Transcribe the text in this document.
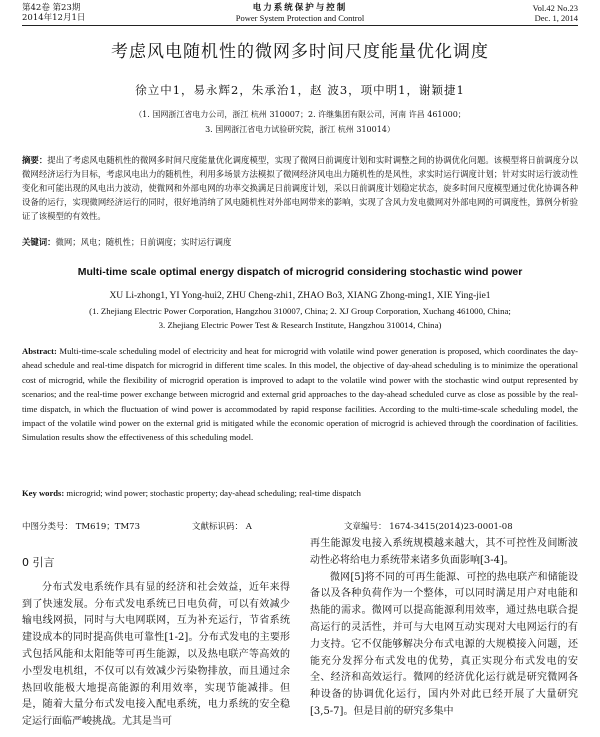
第42卷 第23期
2014年12月1日
电力系统保护与控制
Power System Protection and Control
Vol.42 No.23
Dec. 1, 2014
考虑风电随机性的微网多时间尺度能量优化调度
徐立中1，易永辉2，朱承治1，赵 波3，项中明1，谢颖捷1
（1. 国网浙江省电力公司，浙江 杭州 310007；2. 许继集团有限公司，河南 许昌 461000；
3. 国网浙江省电力试验研究院，浙江 杭州 310014）
摘要：提出了考虑风电随机性的微网多时间尺度能量优化调度模型，实现了微网日前调度计划和实时调整之间的协调优化问题。该模型将日前调度分以微网经济运行为目标，考虑风电出力的随机性，利用多场景方法模拟了微网经济风电出力随机性的是风性，求实时运行调度计划；针对实时运行波动性变化和可能出现的风电出力波动，使微网和外部电网的功率交换满足日前调度计划，采以日前调度计划稳定状态，旋多时间尺度模型通过优化协调各种设备的运行，实现微网经济运行的同时，很好地消纳了风电随机性对外部电网带来的影响，实现了含风力发电微网对外部电网的可调度性，算例分析验证了该模型的有效性。
关键词：微网；风电；随机性；日前调度；实时运行调度
Multi-time scale optimal energy dispatch of microgrid considering stochastic wind power
XU Li-zhong1, YI Yong-hui2, ZHU Cheng-zhi1, ZHAO Bo3, XIANG Zhong-ming1, XIE Ying-jie1
(1. Zhejiang Electric Power Corporation, Hangzhou 310007, China; 2. XJ Group Corporation, Xuchang 461000, China;
3. Zhejiang Electric Power Test & Research Institute, Hangzhou 310014, China)
Abstract: Multi-time-scale scheduling model of electricity and heat for microgrid with volatile wind power generation is proposed, which coordinates the day-ahead schedule and real-time dispatch for microgrid in different time scales. In this model, the objective of day-ahead scheduling is to minimize the operational cost of microgrid, while the flexibility of microgrid operation is improved to adapt to the volatile wind power with the stochastic wind output represented by scenarios; and the real-time power exchange between microgrid and external grid approaches to the day-ahead scheduled curve as close as possible by the real-time dispatch, in which the fluctuation of wind power is accommodated by rapid response facilities. According to the multi-time-scale scheduling model, the impact of the volatile wind power on the external grid is mitigated while the economic operation of microgrid is achieved through the coordination of facilities. Simulation results show the effectiveness of this scheduling model.
Key words: microgrid; wind power; stochastic property; day-ahead scheduling; real-time dispatch
中图分类号： TM619；TM73	文献标识码： A	文章编号： 1674-3415(2014)23-0001-08
0 引言

分布式发电系统作具有显的经济和社会效益，近年来得到了快速发展。分布式发电系统已日电负荷，可以有效减少输电线网损，同时与大电网联网，互为补充运行，节省系统建设成本的同时提高供电可靠性[1-2]。分布式发电的主要形式包括风能和太阳能等可再生能源，以及热电联产等高效的小型发电机组，不仅可以有效减少污染物排放，而且通过余热回收能极大地提高能源的利用效率，实现节能减排。但是，随着大量分布式发电接入配电系统，电力系统的安全稳定运行面临严峻挑战。尤其是当可

再生能源发电接入系统规模越来越大，其不可控性及间断波动性必将给电力系统带来诸多负面影响[3-4]。

微网[5]将不同的可再生能源、可控的热电联产和储能设备以及各种负荷作为一个整体，可以同时满足用户对电能和热能的需求。微网可以提高能源利用效率，通过热电联合提高运行的灵活性，并可与大电网互动实现对大电网运行的有力支持。它不仅能够解决分布式电源的大规模接入问题，还能充分发挥分布式发电的优势，真正实现分布式发电的安全、经济和高效运行。微网的经济优化运行就是研究微网各种设备的协调优化运行，国内外对此已经开展了大量研究[3,5-7]。但是目前的研究多集中
